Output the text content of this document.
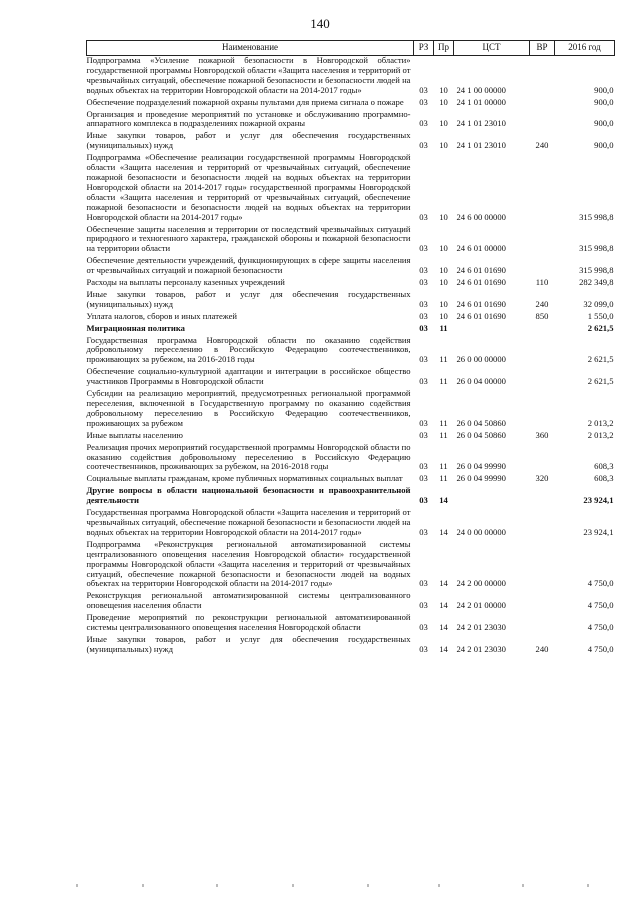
140
Наименование	РЗ	Пр	ЦСТ	ВР	2016 год
Подпрограмма «Усиление пожарной безопасности в Новгородской области» государственной программы Новгородской области «Защита населения и территорий от чрезвычайных ситуаций, обеспечение пожарной безопасности и безопасности людей на водных объектах на территории Новгородской области на 2014-2017 годы»	03	10	24 1 00 00000		900,0
Обеспечение подразделений пожарной охраны пультами для приема сигнала о пожаре	03	10	24 1 01 00000		900,0
Организация и проведение мероприятий по установке и обслуживанию программно-аппаратного комплекса в подразделениях пожарной охраны	03	10	24 1 01 23010		900,0
Иные закупки товаров, работ и услуг для обеспечения государственных (муниципальных) нужд	03	10	24 1 01 23010	240	900,0
Подпрограмма «Обеспечение реализации государственной программы Новгородской области «Защита населения и территорий от чрезвычайных ситуаций, обеспечение пожарной безопасности и безопасности людей на водных объектах на территории Новгородской области на 2014-2017 годы» государственной программы Новгородской области «Защита населения и территорий от чрезвычайных ситуаций, обеспечение пожарной безопасности и безопасности людей на водных объектах на территории Новгородской области на 2014-2017 годы»	03	10	24 6 00 00000		315 998,8
Обеспечение защиты населения и территории от последствий чрезвычайных ситуаций природного и техногенного характера, гражданской обороны и пожарной безопасности на территории области	03	10	24 6 01 00000		315 998,8
Обеспечение деятельности учреждений, функционирующих в сфере защиты населения от чрезвычайных ситуаций и пожарной безопасности	03	10	24 6 01 01690		315 998,8
Расходы на выплаты персоналу казенных учреждений	03	10	24 6 01 01690	110	282 349,8
Иные закупки товаров, работ и услуг для обеспечения государственных (муниципальных) нужд	03	10	24 6 01 01690	240	32 099,0
Уплата налогов, сборов и иных платежей	03	10	24 6 01 01690	850	1 550,0
Миграционная политика	03	11			2 621,5
Государственная программа Новгородской области по оказанию содействия добровольному переселению в Российскую Федерацию соотечественников, проживающих за рубежом, на 2016-2018 годы	03	11	26 0 00 00000		2 621,5
Обеспечение социально-культурной адаптации и интеграции в российское общество участников Программы в Новгородской области	03	11	26 0 04 00000		2 621,5
Субсидии на реализацию мероприятий, предусмотренных региональной программой переселения, включенной в Государственную программу по оказанию содействия добровольному переселению в Российскую Федерацию соотечественников, проживающих за рубежом	03	11	26 0 04 50860		2 013,2
Иные выплаты населению	03	11	26 0 04 50860	360	2 013,2
Реализация прочих мероприятий государственной программы Новгородской области по оказанию содействия добровольному переселению в Российскую Федерацию соотечественников, проживающих за рубежом, на 2016-2018 годы	03	11	26 0 04 99990		608,3
Социальные выплаты гражданам, кроме публичных нормативных социальных выплат	03	11	26 0 04 99990	320	608,3
Другие вопросы в области национальной безопасности и правоохранительной деятельности	03	14			23 924,1
Государственная программа Новгородской области «Защита населения и территорий от чрезвычайных ситуаций, обеспечение пожарной безопасности и безопасности людей на водных объектах на территории Новгородской области на 2014-2017 годы»	03	14	24 0 00 00000		23 924,1
Подпрограмма «Реконструкция региональной автоматизированной системы централизованного оповещения населения Новгородской области» государственной программы Новгородской области «Защита населения и территорий от чрезвычайных ситуаций, обеспечение пожарной безопасности и безопасности людей на водных объектах на территории Новгородской области на 2014-2017 годы»	03	14	24 2 00 00000		4 750,0
Реконструкция региональной автоматизированной системы централизованного оповещения населения области	03	14	24 2 01 00000		4 750,0
Проведение мероприятий по реконструкции региональной автоматизированной системы централизованного оповещения населения Новгородской области	03	14	24 2 01 23030		4 750,0
Иные закупки товаров, работ и услуг для обеспечения государственных (муниципальных) нужд	03	14	24 2 01 23030	240	4 750,0
